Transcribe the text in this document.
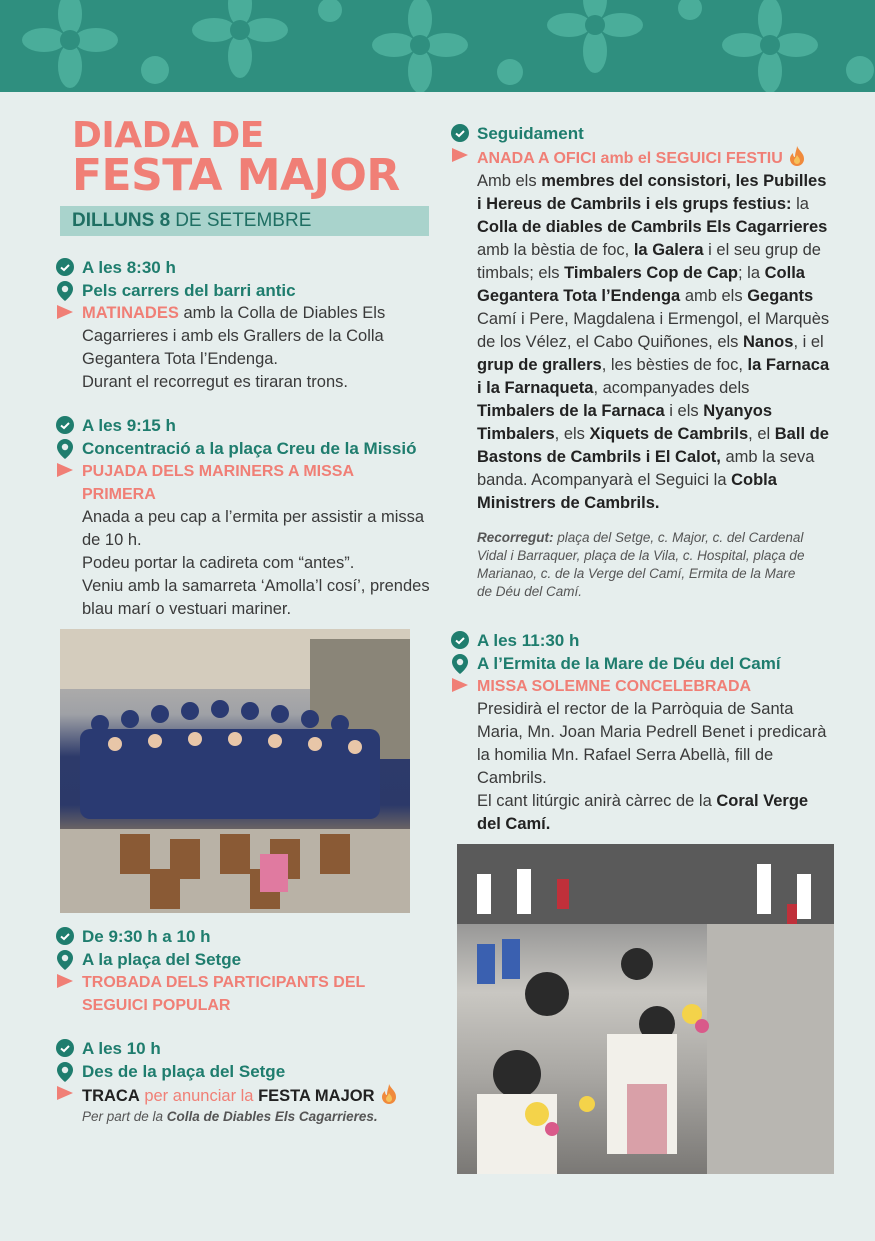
DIADA DE
FESTA MAJOR
DILLUNS 8 DE SETEMBRE
A les 8:30 h
Pels carrers del barri antic
MATINADES amb la Colla de Diables Els Cagarrieres i amb els Grallers de la Colla Gegantera Tota l’Endenga.
Durant el recorregut es tiraran trons.
A les 9:15 h
Concentració a la plaça Creu de la Missió
PUJADA DELS MARINERS A MISSA PRIMERA
Anada a peu cap a l’ermita per assistir a missa de 10 h.
Podeu portar la cadireta com “antes”.
Veniu amb la samarreta ‘Amolla’l cosí’, prendes blau marí o vestuari mariner.
De 9:30 h a 10 h
A la plaça del Setge
TROBADA DELS PARTICIPANTS DEL SEGUICI POPULAR
A les 10 h
Des de la plaça del Setge
TRACA per anunciar la FESTA MAJOR
Per part de la Colla de Diables Els Cagarrieres.
Seguidament
ANADA A OFICI amb el SEGUICI FESTIU
Amb els membres del consistori, les Pubilles i Hereus de Cambrils i els grups festius: la Colla de diables de Cambrils Els Cagarrieres amb la bèstia de foc, la Galera i el seu grup de timbals; els Timbalers Cop de Cap; la Colla Gegantera Tota l’Endenga amb els Gegants Camí i Pere, Magdalena i Ermengol, el Marquès de los Vélez, el Cabo Quiñones, els Nanos, i el grup de grallers, les bèsties de foc, la Farnaca i la Farnaqueta, acompanyades dels Timbalers de la Farnaca i els Nyanyos Timbalers, els Xiquets de Cambrils, el Ball de Bastons de Cambrils i El Calot, amb la seva banda. Acompanyarà el Seguici la Cobla Ministrers de Cambrils.
Recorregut: plaça del Setge, c. Major, c. del Cardenal Vidal i Barraquer, plaça de la Vila, c. Hospital, plaça de Marianao, c. de la Verge del Camí, Ermita de la Mare de Déu del Camí.
A les 11:30 h
A l’Ermita de la Mare de Déu del Camí
MISSA SOLEMNE CONCELEBRADA
Presidirà el rector de la Parròquia de Santa Maria, Mn. Joan Maria Pedrell Benet i predicarà la homilia Mn. Rafael Serra Abellà, fill de Cambrils.
El cant litúrgic anirà càrrec de la Coral Verge del Camí.
